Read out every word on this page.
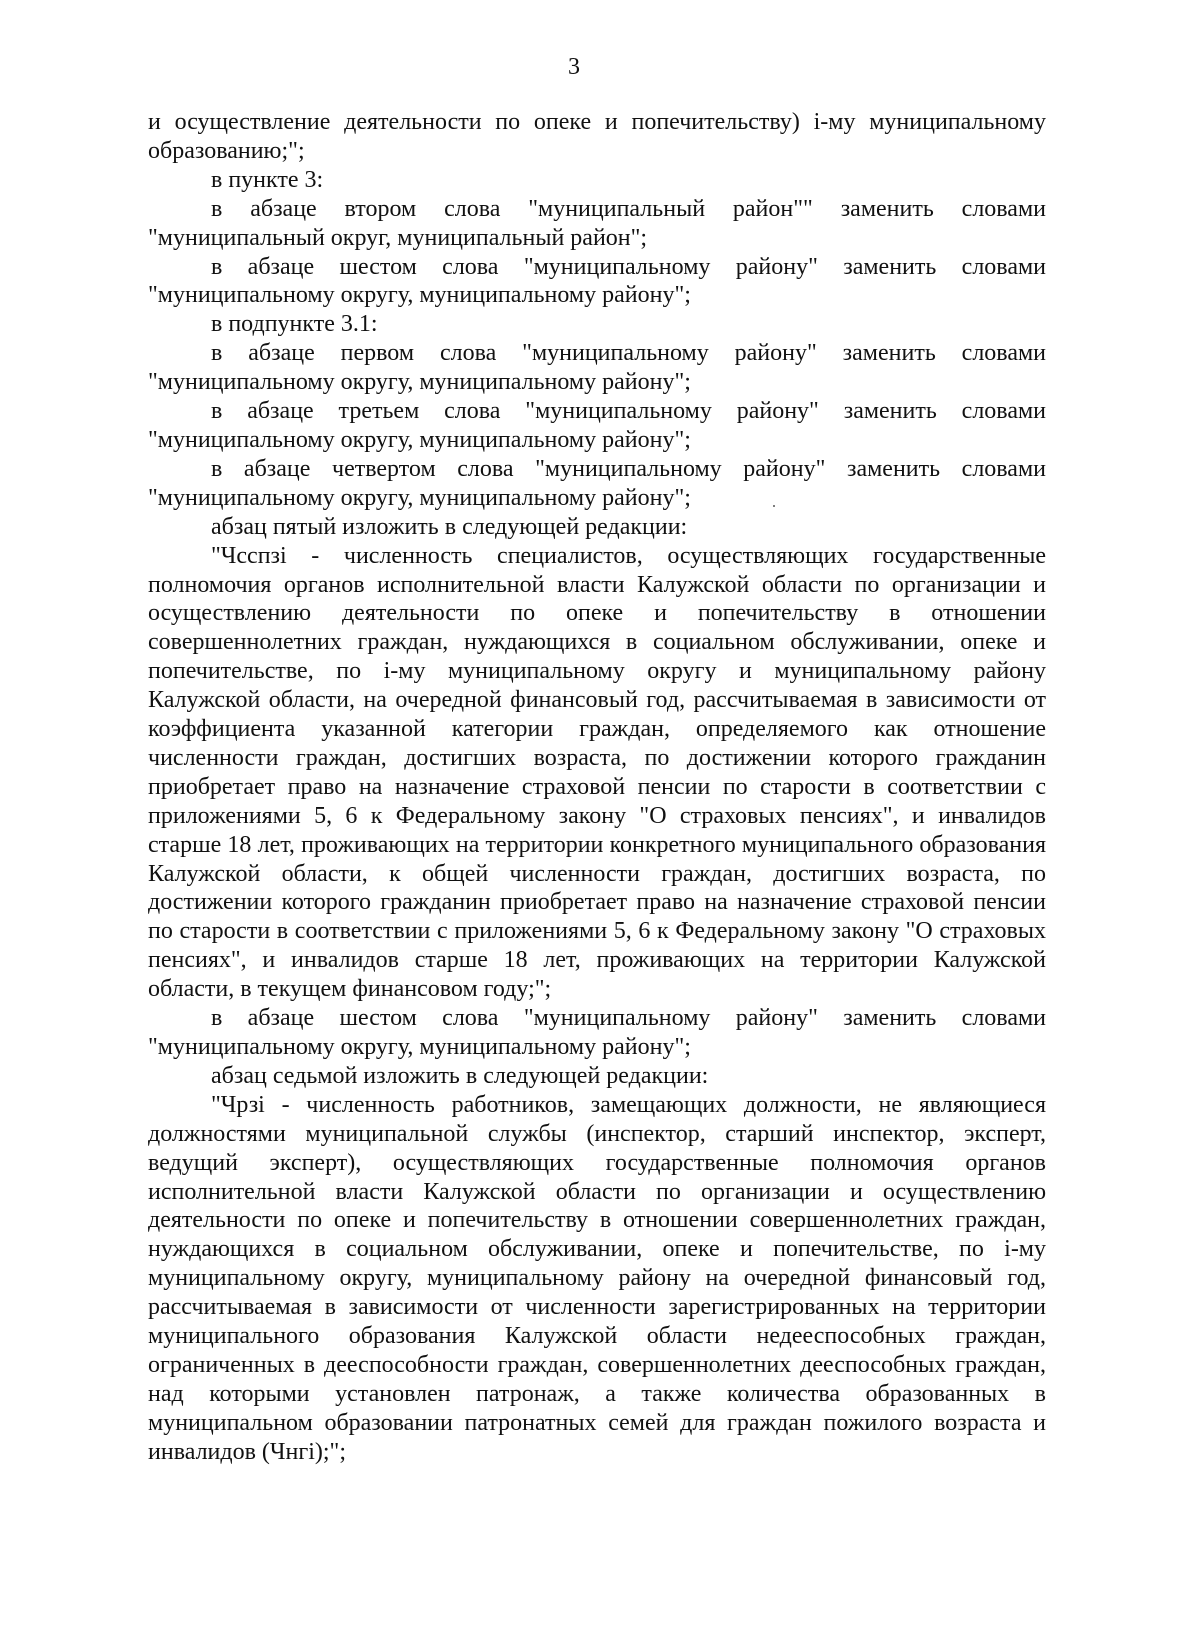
3

и осуществление деятельности по опеке и попечительству) i-му муниципальному образованию;";

в пункте 3:

в абзаце втором слова "муниципальный район"" заменить словами

"муниципальный округ, муниципальный район";

в абзаце шестом слова "муниципальному району" заменить словами

"муниципальному округу, муниципальному району";

в подпункте 3.1:

в абзаце первом слова "муниципальному району" заменить словами

"муниципальному округу, муниципальному району";

в абзаце третьем слова "муниципальному району" заменить словами

"муниципальному округу, муниципальному району";

в абзаце четвертом слова "муниципальному району" заменить словами

"муниципальному округу, муниципальному району";

абзац пятый изложить в следующей редакции:

"Чсспзi - численность специалистов, осуществляющих государственные полномочия органов исполнительной власти Калужской области по организации и осуществлению деятельности по опеке и попечительству в отношении совершеннолетних граждан, нуждающихся в социальном обслуживании, опеке и попечительстве, по i-му муниципальному округу и муниципальному району Калужской области, на очередной финансовый год, рассчитываемая в зависимости от коэффициента указанной категории граждан, определяемого как отношение численности граждан, достигших возраста, по достижении которого гражданин приобретает право на назначение страховой пенсии по старости в соответствии с приложениями 5, 6 к Федеральному закону "О страховых пенсиях", и инвалидов старше 18 лет, проживающих на территории конкретного муниципального образования Калужской области, к общей численности граждан, достигших возраста, по достижении которого гражданин приобретает право на назначение страховой пенсии по старости в соответствии с приложениями 5, 6 к Федеральному закону "О страховых пенсиях", и инвалидов старше 18 лет, проживающих на территории Калужской области, в текущем финансовом году;";

в абзаце шестом слова "муниципальному району" заменить словами

"муниципальному округу, муниципальному району";

абзац седьмой изложить в следующей редакции:

"Чрзi - численность работников, замещающих должности, не являющиеся должностями муниципальной службы (инспектор, старший инспектор, эксперт, ведущий эксперт), осуществляющих государственные полномочия органов исполнительной власти Калужской области по организации и осуществлению деятельности по опеке и попечительству в отношении совершеннолетних граждан, нуждающихся в социальном обслуживании, опеке и попечительстве, по i-му муниципальному округу, муниципальному району на очередной финансовый год, рассчитываемая в зависимости от численности зарегистрированных на территории муниципального образования Калужской области недееспособных граждан, ограниченных в дееспособности граждан, совершеннолетних дееспособных граждан, над которыми установлен патронаж, а также количества образованных в муниципальном образовании патронатных семей для граждан пожилого возраста и инвалидов (Чнгi);";
